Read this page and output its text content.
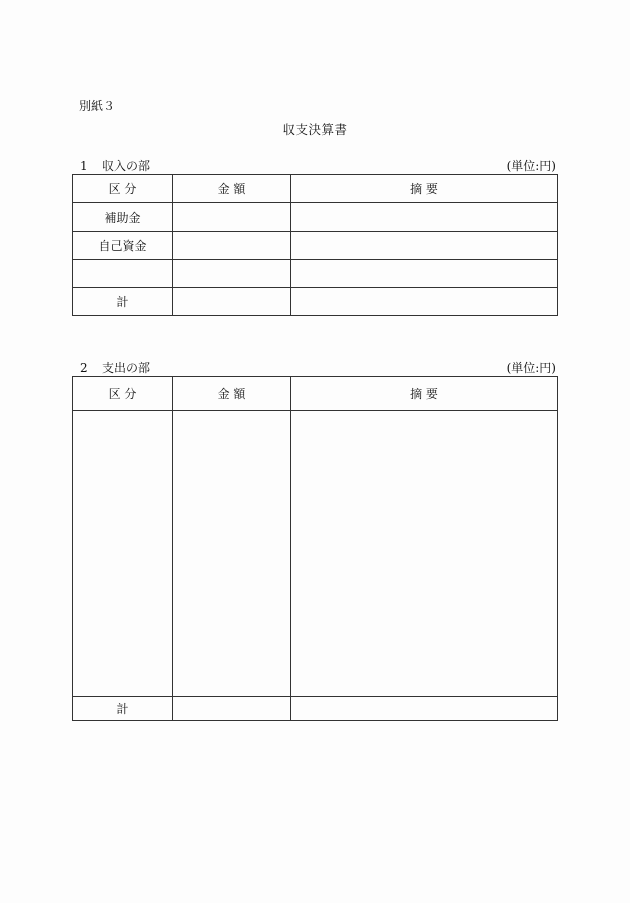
別紙３
収支決算書
1 収入の部	(単位:円)
区 分	金 額	摘 要
補助金		
自己資金		

計		
2 支出の部	(単位:円)
区 分	金 額	摘 要

計		
